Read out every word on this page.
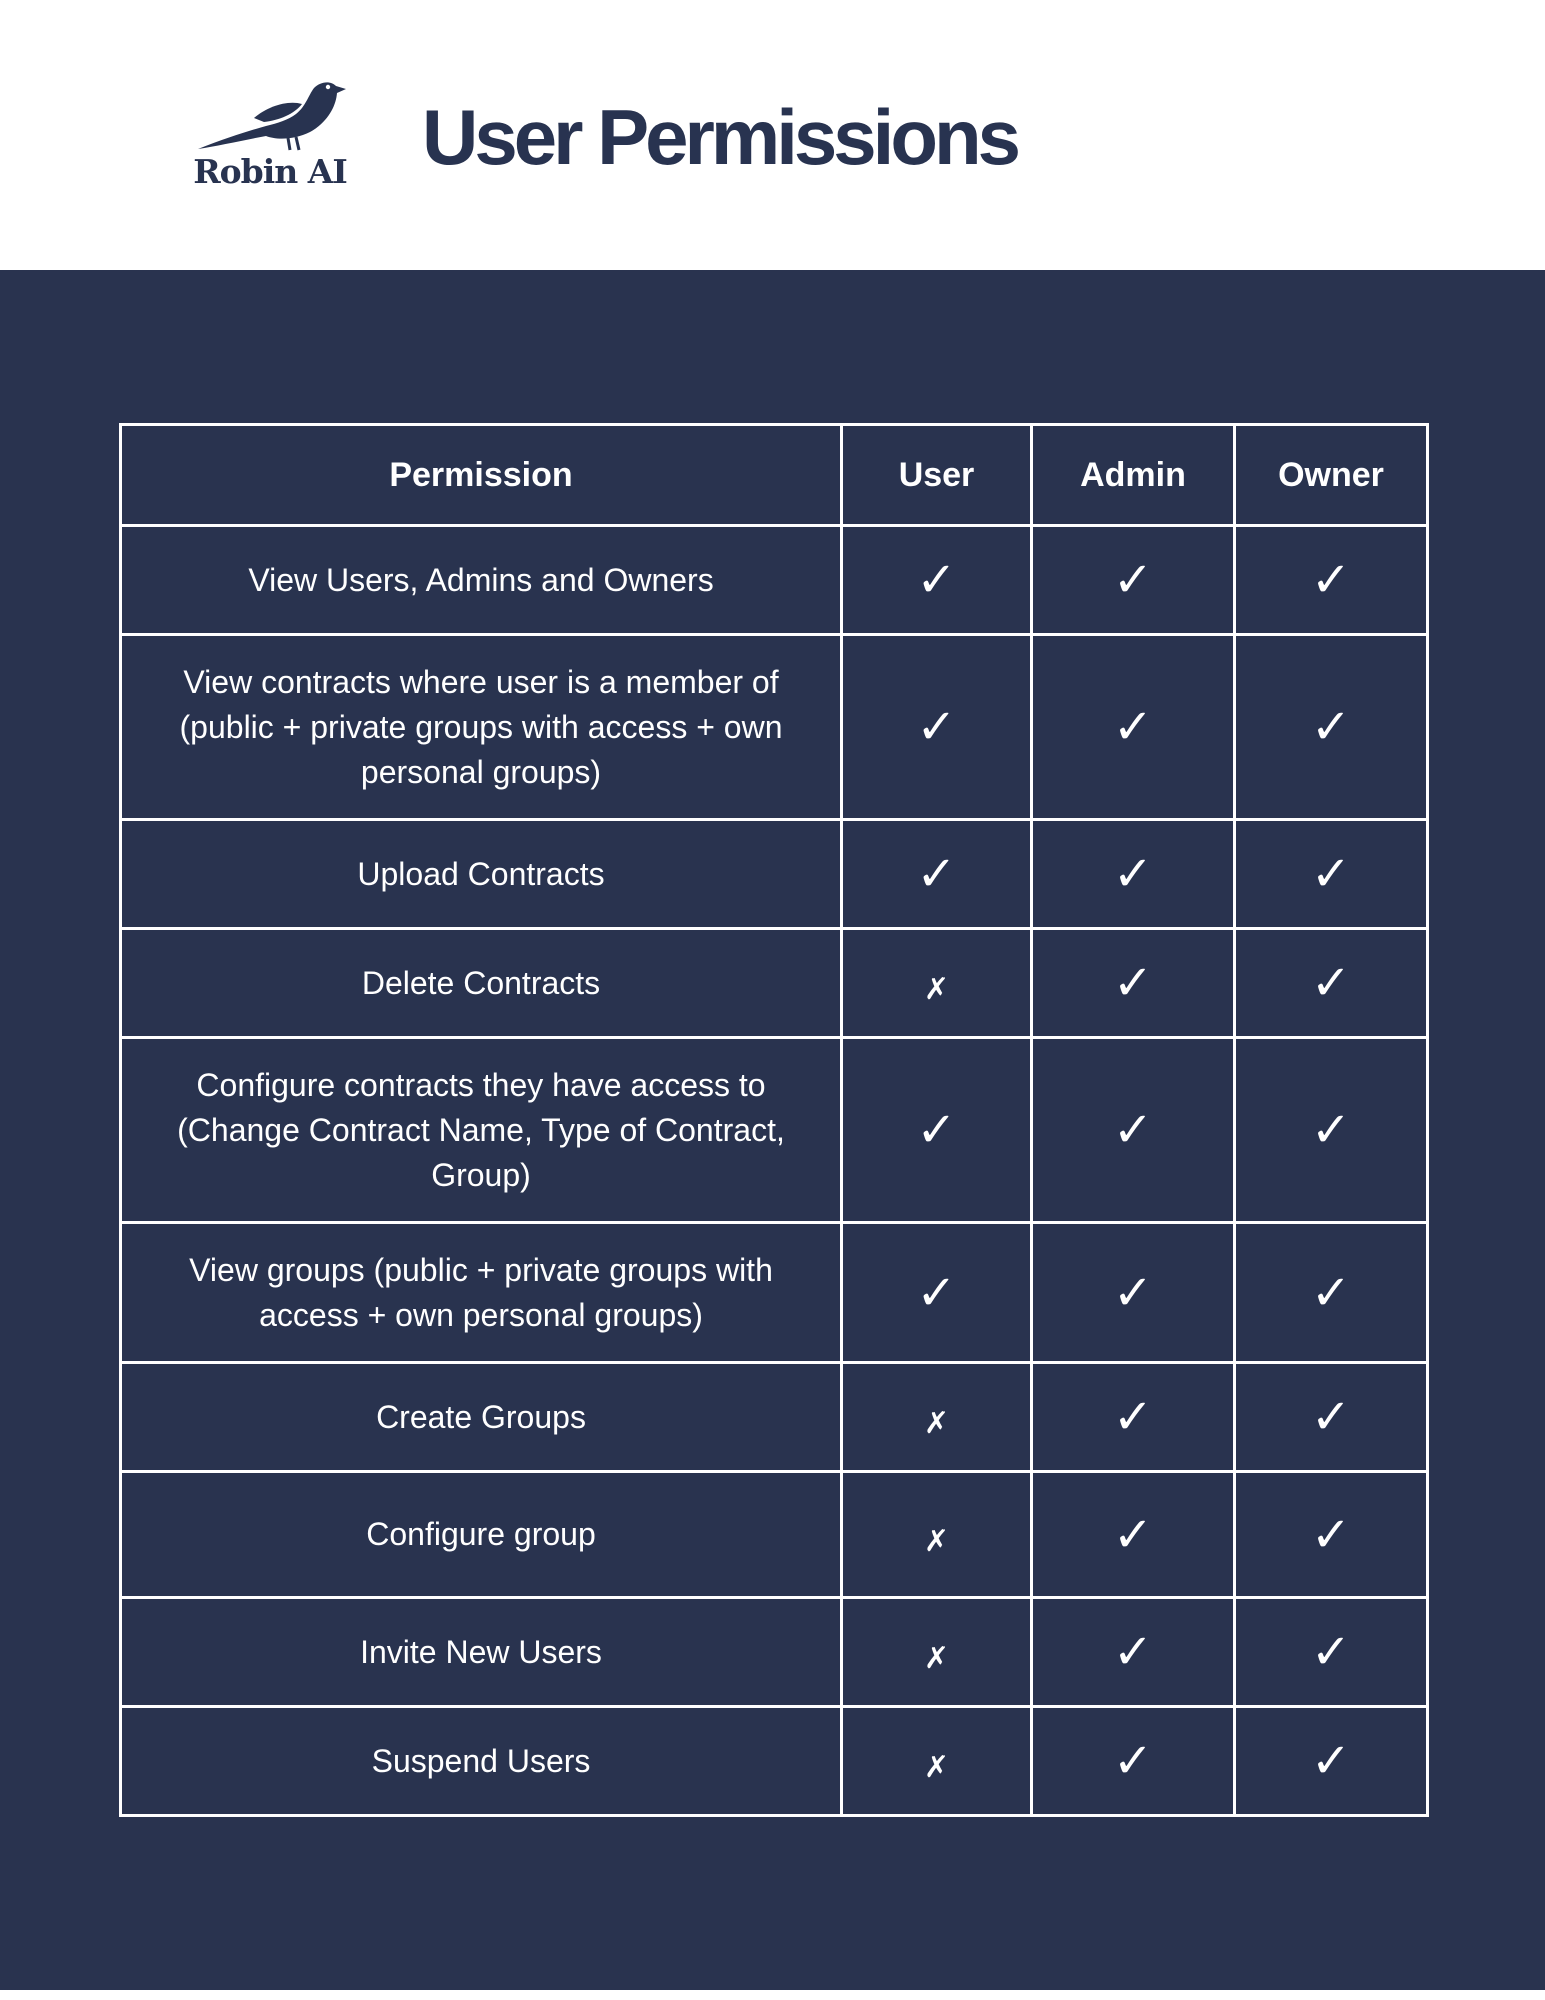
Robin AI User Permissions
Permission	User	Admin	Owner
View Users, Admins and Owners	✓	✓	✓
View contracts where user is a member of (public + private groups with access + own personal groups)	✓	✓	✓
Upload Contracts	✓	✓	✓
Delete Contracts	✗	✓	✓
Configure contracts they have access to (Change Contract Name, Type of Contract, Group)	✓	✓	✓
View groups (public + private groups with access + own personal groups)	✓	✓	✓
Create Groups	✗	✓	✓
Configure group	✗	✓	✓
Invite New Users	✗	✓	✓
Suspend Users	✗	✓	✓
